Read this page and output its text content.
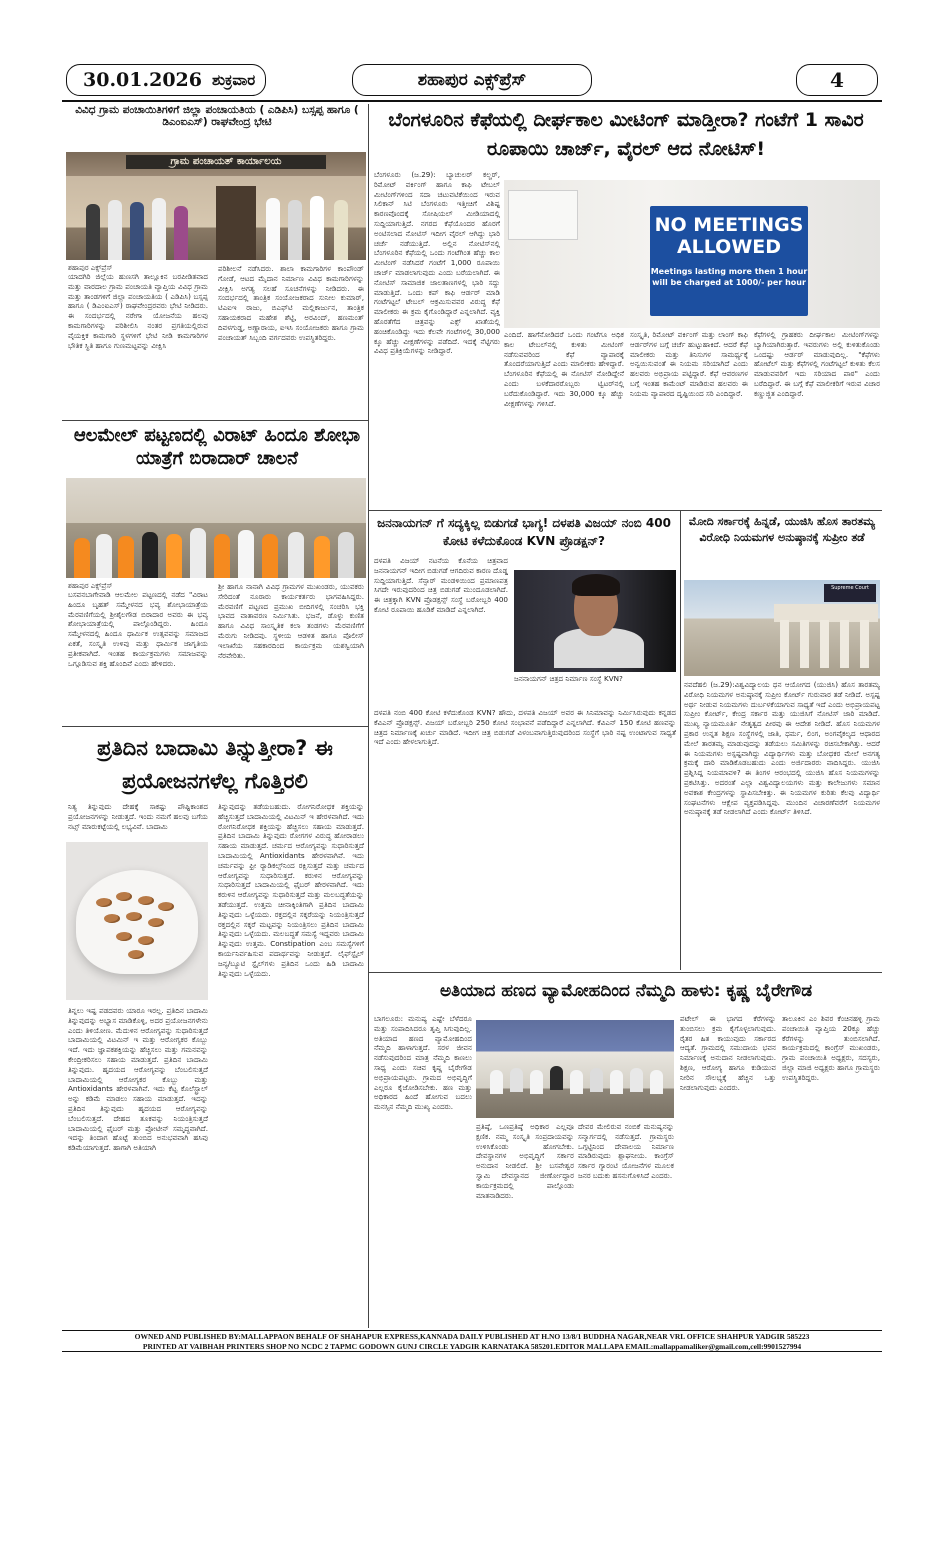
30.01.2026 ಶುಕ್ರವಾರ	ಶಹಾಪುರ ಎಕ್ಸ್‌ಪ್ರೆಸ್	4
ವಿವಿಧ ಗ್ರಾಮ ಪಂಚಾಯಿತಿಗಳಿಗೆ ಜಿಲ್ಲಾ ಪಂಚಾಯತಿಯ ( ಎಡಿಪಿಸಿ) ಬಸ್ಸಪ್ಪ ಹಾಗೂ ( ಡಿಎಂಐಎಸ್) ರಾಘವೇಂದ್ರ ಭೇಟಿ
ಗ್ರಾಮ ಪಂಚಾಯತ್ ಕಾರ್ಯಾಲಯ
ಶಹಾಪುರ ಎಕ್ಸ್‌ಪ್ರೆಸ್
ಯಾದಗಿರಿ ಜಿಲ್ಲೆಯ ಹುಣಸಗಿ ತಾಲ್ಲೂಕಿನ ಬರಪೀಡಿತವಾದ ಮತ್ತು ವಾರದಾಲ ಗ್ರಾಮ ಪಂಚಾಯತಿ ವ್ಯಾಪ್ತಿಯ ವಿವಿಧ ಗ್ರಾಮ ಮತ್ತು ತಾಂಡಗಳಿಗೆ ಜಿಲ್ಲಾ ಪಂಚಾಯತಿಯ ( ಎಡಿಪಿಸಿ) ಬಸ್ಸಪ್ಪ ಹಾಗೂ ( ಡಿಎಂಐಎಸ್) ರಾಘವೇಂದ್ರರವರು ಭೇಟಿ ನೀಡಿದರು. ಈ ಸಂದರ್ಭದಲ್ಲಿ ನರೇಗಾ ಯೋಜನೆಯ ಹಲವು ಕಾಮಗಾರಿಗಳನ್ನು ಪರಿಶೀಲಿಸಿ ನಂತರ ಪ್ರಗತಿಯಲ್ಲಿರುವ ವೈಯಕ್ತಿಕ ಕಾಮಗಾರಿ ಸ್ಥಳಗಳಿಗೆ ಭೇಟಿ ನೀಡಿ ಕಾಮಗಾರಿಗಳ ಭೌತಿಕ ಸ್ಥಿತಿ ಹಾಗೂ ಗುಣಮಟ್ಟವನ್ನು ವೀಕ್ಷಿಸಿ
ಪರಿಶೀಲನೆ ನಡೆಸಿದರು. ಶಾಲಾ ಕಾಮಗಾರಿಗಳ ಕಾಂಪೌಂಡ್ ಗೋಡೆ, ಆಟದ ಮೈದಾನ ನಿರ್ಮಾಣ ವಿವಿಧ ಕಾಮಗಾರಿಗಳನ್ನು ವೀಕ್ಷಿಸಿ ಅಗತ್ಯ ಸಲಹೆ ಸೂಚನೆಗಳನ್ನು ನೀಡಿದರು. ಈ ಸಂದರ್ಭದಲ್ಲಿ ತಾಂತ್ರಿಕ ಸಂಯೋಜಕರಾದ ಸುನೀಲ ಕುಮಾರ್, ಟಿಎಐಇ ರಾಜು, ಬಿಎಫ್‌ಟಿ ಮಲ್ಲಿಕಾರ್ಜುನ, ತಾಂತ್ರಿಕ ಸಹಾಯಕರಾದ ಮಹೇಶ ಶೆಟ್ಟಿ, ಅರವಿಂದ್, ಹಣಮಂತ್ ದಿವಳಗುಡ್ಡ, ಅಣ್ಣಾರಾಯ, ಐಇಸಿ ಸಂಯೋಜಕರು ಹಾಗೂ ಗ್ರಾಮ ಪಂಚಾಯತ್ ಸಿಬ್ಬಂದಿ ವರ್ಗದವರು ಉಪಸ್ಥಿತರಿದ್ದರು.
ಆಲಮೇಲ್ ಪಟ್ಟಣದಲ್ಲಿ ವಿರಾಟ್ ಹಿಂದೂ ಶೋಭಾ ಯಾತ್ರೆಗೆ ಬಿರಾದಾರ್ ಚಾಲನೆ
ಶಹಾಪುರ ಎಕ್ಸ್‌ಪ್ರೆಸ್
ಬಸವನಬಾಗೇವಾಡಿ ಆಲಮೇಲ ಪಟ್ಟಣದಲ್ಲಿ ನಡೆದ "ವಿರಾಟ ಹಿಂದೂ ಬೃಹತ್ ಸಮ್ಮೇಳನದ ಭವ್ಯ ಶೋಭಾಯಾತ್ರೆಯ ಮೆರವಣಿಗೆಯಲ್ಲಿ ಶ್ರೀಶೈಲಗೌಡ ಬಿರಾದಾರ ಅವರು ಈ ಭವ್ಯ ಶೋಭಾಯಾತ್ರೆಯಲ್ಲಿ ಪಾಲ್ಗೊಂಡಿದ್ದರು. ಹಿಂದೂ ಸಮ್ಮೇಳನದಲ್ಲಿ ಹಿಂದೂ ಧಾರ್ಮಿಕ ಉತ್ಸವವನ್ನು ಸಮಾಜದ ಏಕತೆ, ಸಂಸ್ಕೃತಿ ಉಳಿವು ಮತ್ತು ಧಾರ್ಮಿಕ ಜಾಗೃತಿಯ ಪ್ರತೀಕವಾಗಿದೆ. ಇಂತಹ ಕಾರ್ಯಕ್ರಮಗಳು ಸಮಾಜವನ್ನು ಒಗ್ಗೂಡಿಸುವ ಶಕ್ತಿ ಹೊಂದಿವೆ ಎಂದು ಹೇಳಿದರು.
ಶ್ರೀ ಹಾಗೂ ನಾನಾಗಿ ವಿವಿಧ ಗ್ರಾಮಗಳ ಮುಖಂಡರು, ಯುವಕರು ಸೇರಿದಂತೆ ನೂರಾರು ಕಾರ್ಯಕರ್ತರು ಭಾಗವಹಿಸಿದ್ದರು. ಮೆರವಣಿಗೆ ಪಟ್ಟಣದ ಪ್ರಮುಖ ಬೀದಿಗಳಲ್ಲಿ ಸಂಚರಿಸಿ ಭಕ್ತಿ ಭಾವದ ವಾತಾವರಣ ನಿರ್ಮಿಸಿತು. ಭಜನೆ, ಡೊಳ್ಳು ಕುಣಿತ ಹಾಗೂ ವಿವಿಧ ಸಾಂಸ್ಕೃತಿಕ ಕಲಾ ತಂಡಗಳು ಮೆರವಣಿಗೆಗೆ ಮೆರುಗು ನೀಡಿದವು. ಸ್ಥಳೀಯ ಆಡಳಿತ ಹಾಗೂ ಪೊಲೀಸ್ ಇಲಾಖೆಯ ಸಹಕಾರದಿಂದ ಕಾರ್ಯಕ್ರಮ ಯಶಸ್ವಿಯಾಗಿ ನೆರವೇರಿತು.
ಪ್ರತಿದಿನ ಬಾದಾಮಿ ತಿನ್ನುತ್ತೀರಾ? ಈ ಪ್ರಯೋಜನಗಳೆಲ್ಲ ಗೊತ್ತಿರಲಿ
ನಿತ್ಯ ತಿನ್ನುವುದು ದೇಹಕ್ಕೆ ಸಾಕಷ್ಟು ಪೌಷ್ಟಿಕಾಂಶದ ಪ್ರಯೋಜನಗಳನ್ನು ನೀಡುತ್ತದೆ. ಇಂದು ನಮಗೆ ಹಲವು ಬಗೆಯ ನಟ್ಸ್ ಮಾರುಕಟ್ಟೆಯಲ್ಲಿ ಲಭ್ಯವಿವೆ. ಬಾದಾಮಿ
ತಿನ್ನಲು ಇಷ್ಟ ಪಡದವರು ಯಾರೂ ಇರಲ್ಲ. ಪ್ರತಿದಿನ ಬಾದಾಮಿ ತಿನ್ನುವುದನ್ನು ಅಭ್ಯಾಸ ಮಾಡಿಕೊಳ್ಳಿ, ಅದರ ಪ್ರಯೋಜನಗಳೇನು ಎಂದು ತಿಳಿಯೋಣ. ಮೆದುಳಿನ ಆರೋಗ್ಯವನ್ನು ಸುಧಾರಿಸುತ್ತದೆ ಬಾದಾಮಿಯಲ್ಲಿ ವಿಟಮಿನ್ ಇ ಮತ್ತು ಆರೋಗ್ಯಕರ ಕೊಬ್ಬು ಇದೆ. ಇದು ಜ್ಞಾಪಕಶಕ್ತಿಯನ್ನು ಹೆಚ್ಚಿಸಲು ಮತ್ತು ಗಮನವನ್ನು ಕೇಂದ್ರೀಕರಿಸಲು ಸಹಾಯ ಮಾಡುತ್ತದೆ. ಪ್ರತಿದಿನ ಬಾದಾಮಿ ತಿನ್ನುವುದು. ಹೃದಯದ ಆರೋಗ್ಯವನ್ನು ಬೆಂಬಲಿಸುತ್ತದೆ ಬಾದಾಮಿಯಲ್ಲಿ ಆರೋಗ್ಯಕರ ಕೊಬ್ಬು ಮತ್ತು Antioxidants ಹೇರಳವಾಗಿವೆ. ಇದು ಕೆಟ್ಟ ಕೊಲೆಸ್ಟ್ರಾಲ್ ಅನ್ನು ಕಡಿಮೆ ಮಾಡಲು ಸಹಾಯ ಮಾಡುತ್ತದೆ. ಇದನ್ನು ಪ್ರತಿದಿನ ತಿನ್ನುವುದು ಹೃದಯದ ಆರೋಗ್ಯವನ್ನು ಬೆಂಬಲಿಸುತ್ತದೆ. ದೇಹದ ತೂಕವನ್ನು ನಿಯಂತ್ರಿಸುತ್ತದೆ ಬಾದಾಮಿಯಲ್ಲಿ ಫೈಬರ್ ಮತ್ತು ಪ್ರೋಟೀನ್ ಸಮೃದ್ಧವಾಗಿದೆ. ಇದನ್ನು ತಿಂದಾಗ ಹೊಟ್ಟೆ ತುಂಬಿದ ಅನುಭವವಾಗಿ ಹಸಿವು ಕಡಿಮೆಯಾಗುತ್ತದೆ. ಹಾಗಾಗಿ ಅತಿಯಾಗಿ
ತಿನ್ನುವುದನ್ನು ತಡೆಯಬಹುದು. ರೋಗನಿರೋಧಕ ಶಕ್ತಿಯನ್ನು ಹೆಚ್ಚಿಸುತ್ತದೆ ಬಾದಾಮಿಯಲ್ಲಿ ವಿಟಮಿನ್ ಇ ಹೇರಳವಾಗಿದೆ. ಇದು ರೋಗನಿರೋಧಕ ಶಕ್ತಿಯನ್ನು ಹೆಚ್ಚಿಸಲು ಸಹಾಯ ಮಾಡುತ್ತದೆ. ಪ್ರತಿದಿನ ಬಾದಾಮಿ ತಿನ್ನುವುದು ರೋಗಗಳ ವಿರುದ್ಧ ಹೋರಾಡಲು ಸಹಾಯ ಮಾಡುತ್ತದೆ. ಚರ್ಮದ ಆರೋಗ್ಯವನ್ನು ಸುಧಾರಿಸುತ್ತದೆ ಬಾದಾಮಿಯಲ್ಲಿ Antioxidants ಹೇರಳವಾಗಿವೆ. ಇದು ಚರ್ಮವನ್ನು ಫ್ರೀ ರ್‍ಯಾಡಿಕಲ್ಸ್‌ನಿಂದ ರಕ್ಷಿಸುತ್ತದೆ ಮತ್ತು ಚರ್ಮದ ಆರೋಗ್ಯವನ್ನು ಸುಧಾರಿಸುತ್ತದೆ. ಕರುಳಿನ ಆರೋಗ್ಯವನ್ನು ಸುಧಾರಿಸುತ್ತದೆ ಬಾದಾಮಿಯಲ್ಲಿ ಫೈಬರ್ ಹೇರಳವಾಗಿದೆ. ಇದು ಕರುಳಿನ ಆರೋಗ್ಯವನ್ನು ಸುಧಾರಿಸುತ್ತದೆ ಮತ್ತು ಮಲಬದ್ಧತೆಯನ್ನು ತಡೆಯುತ್ತದೆ. ಉತ್ತಮ ಚೀನಾಕ್ಕಿಂತಿಗಾಗಿ ಪ್ರತಿದಿನ ಬಾದಾಮಿ ತಿನ್ನುವುದು ಒಳ್ಳೆಯದು. ರಕ್ತದಲ್ಲಿನ ಸಕ್ಕರೆಯನ್ನು ನಿಯಂತ್ರಿಸುತ್ತದೆ ರಕ್ತದಲ್ಲಿನ ಸಕ್ಕರೆ ಮಟ್ಟವನ್ನು ನಿಯಂತ್ರಿಸಲು ಪ್ರತಿದಿನ ಬಾದಾಮಿ ತಿನ್ನುವುದು ಒಳ್ಳೆಯದು. ಮಲಬದ್ಧತೆ ಸಮಸ್ಯೆ ಇದ್ದವರು ಬಾದಾಮಿ ತಿನ್ನುವುದು ಉತ್ತಮ. Constipation ಎಂಬ ಸಮಸ್ಯೆಗಳಿಗೆ ಕಾರ್ಯನಿರ್ವಹಿಸುವ ಪದಾರ್ಥವನ್ನು ನೀಡುತ್ತದೆ. ಲೈಫ್‌ಸ್ಟೈಲ್ ಜನ್ಯ/ಬ್ಯೂಟಿ ಸ್ಟೈಲ್‌ಗಳು ಪ್ರತಿದಿನ ಒಂದು ಹಿಡಿ ಬಾದಾಮಿ ತಿನ್ನುವುದು ಒಳ್ಳೆಯದು.
ಬೆಂಗಳೂರಿನ ಕೆಫೆಯಲ್ಲಿ ದೀರ್ಘಕಾಲ ಮೀಟಿಂಗ್ ಮಾಡ್ತೀರಾ? ಗಂಟೆಗೆ 1 ಸಾವಿರ ರೂಪಾಯಿ ಚಾರ್ಜ್, ವೈರಲ್ ಆದ ನೋಟಿಸ್!
ಬೆಂಗಳೂರು (ಜ.29): ಬ್ಯಾಚುಲರ್ ಕಲ್ಚರ್, ರಿಮೋಟ್ ವರ್ಕಿಂಗ್ ಹಾಗೂ ಕಾಫಿ ಟೇಬಲ್ ಮೀಟಿಂಗ್‌ಗಳಿಂದ ಸದಾ ಚಟುವಟಿಕೆಯಿಂದ ಇರುವ ಸಿಲಿಕಾನ್ ಸಿಟಿ ಬೆಂಗಳೂರು ಇತ್ತೀಚಿಗೆ ವಿಶಿಷ್ಟ ಕಾರಣವೊಂದಕ್ಕೆ ಸೋಷಿಯಲ್ ಮೀಡಿಯಾದಲ್ಲಿ ಸುದ್ದಿಯಾಗುತ್ತಿದೆ. ನಗರದ ಕೆಫೆಯೊಂದರ ಹೊರಗೆ ಅಂಟಿಸಲಾದ ನೋಟಿಸ್ ಇದೀಗ ವೈರಲ್ ಆಗಿದ್ದು ಭಾರಿ ಚರ್ಚೆ ನಡೆಯುತ್ತಿದೆ. ಅಲ್ಲಿನ ನೋಟಿಸ್‌ನಲ್ಲಿ ಬೆಂಗಳೂರಿನ ಕೆಫೆಯಲ್ಲಿ ಒಂದು ಗಂಟೆಗಿಂತ ಹೆಚ್ಚು ಕಾಲ ಮೀಟಿಂಗ್ ನಡೆಸಿದರೆ ಗಂಟೆಗೆ 1,000 ರೂಪಾಯಿ ಚಾರ್ಜ್ ಮಾಡಲಾಗುವುದು ಎಂದು ಬರೆಯಲಾಗಿದೆ. ಈ ನೋಟಿಸ್ ಸಾಮಾಜಿಕ ಜಾಲತಾಣಗಳಲ್ಲಿ ಭಾರಿ ಸದ್ದು ಮಾಡುತ್ತಿದೆ. ಒಂದು ಕಪ್ ಕಾಫಿ ಆರ್ಡರ್ ಮಾಡಿ ಗಂಟೆಗಟ್ಟಲೆ ಟೇಬಲ್ ಆಕ್ರಮಿಸುವವರ ವಿರುದ್ಧ ಕೆಫೆ ಮಾಲೀಕರು ಈ ಕ್ರಮ ಕೈಗೊಂಡಿದ್ದಾರೆ ಎನ್ನಲಾಗಿದೆ. ವ್ಯಕ್ತಿ ಹೊರತೆಗೆದ ಚಿತ್ರವನ್ನು ಎಕ್ಸ್ ಖಾತೆಯಲ್ಲಿ ಹಂಚಿಕೊಂಡಿದ್ದು ಇದು ಕೆಲವೇ ಗಂಟೆಗಳಲ್ಲಿ 30,000 ಕ್ಕೂ ಹೆಚ್ಚು ವೀಕ್ಷಣೆಗಳನ್ನು ಪಡೆದಿದೆ. ಇದಕ್ಕೆ ನೆಟ್ಟಿಗರು ವಿವಿಧ ಪ್ರತಿಕ್ರಿಯೆಗಳನ್ನು ನೀಡಿದ್ದಾರೆ.
NO MEETINGS
ALLOWED
Meetings lasting more then 1 hour will be charged at 1000/- per hour
ಎಂದಿದೆ. ಹಾಗೆನೋಡಿದರೆ ಒಂದು ಗಂಟೆಗೂ ಅಧಿಕ ಕಾಲ ಟೇಬಲ್‌ನಲ್ಲಿ ಕುಳಿತು ಮೀಟಿಂಗ್ ನಡೆಸುವವರಿಂದ ಕೆಫೆ ವ್ಯಾಪಾರಕ್ಕೆ ತೊಂದರೆಯಾಗುತ್ತಿದೆ ಎಂದು ಮಾಲೀಕರು ಹೇಳಿದ್ದಾರೆ. ಬೆಂಗಳೂರಿನ ಕೆಫೆಯಲ್ಲಿ ಈ ನೋಟಿಸ್ ನೋಡಿದ್ದೇನೆ ಎಂದು ಬಳಕೆದಾರರೊಬ್ಬರು ಟ್ವಿಟರ್‌ನಲ್ಲಿ ಬರೆದುಕೊಂಡಿದ್ದಾರೆ. ಇದು 30,000 ಕ್ಕೂ ಹೆಚ್ಚು ವೀಕ್ಷಣೆಗಳನ್ನು ಗಳಿಸಿದೆ.
ಸಂಸ್ಕೃತಿ, ರಿಮೋಟ್ ವರ್ಕಿಂಗ್ ಮತ್ತು ಲಾಂಗ್ ಕಾಫಿ ಆರ್ಡರ್‌ಗಳ ಬಗ್ಗೆ ಚರ್ಚೆ ಹುಟ್ಟುಹಾಕಿದೆ. ಆದರೆ ಕೆಫೆ ಮಾಲೀಕರು ಮತ್ತು ತಿನಿಸುಗಳ ಸಾಮರ್ಥ್ಯಕ್ಕೆ ಅನ್ವಯಿಸುವಂತೆ ಈ ನಿಯಮ ಸರಿಯಾಗಿದೆ ಎಂದು ಹಲವರು ಅಭಿಪ್ರಾಯ ಪಟ್ಟಿದ್ದಾರೆ. ಕೆಫೆ ಆವರಣಗಳ ಬಗ್ಗೆ ಇಂತಹ ಕಾಮೆಂಟ್ ಮಾಡಿರುವ ಹಲವರು ಈ ನಿಯಮ ವ್ಯಾಪಾರದ ದೃಷ್ಟಿಯಿಂದ ಸರಿ ಎಂದಿದ್ದಾರೆ.
ಕೆಫೆಗಳಲ್ಲಿ ಗ್ರಾಹಕರು ದೀರ್ಘಕಾಲ ಮೀಟಿಂಗ್‌ಗಳನ್ನು ಬ್ಯಾಗಿಯಾಗಿರುತ್ತಾರೆ. ಇವರುಗಳು ಅಲ್ಲಿ ಕುಳಿತುಕೊಂಡು ಒಂದಷ್ಟು ಆರ್ಡರ್ ಮಾಡುವುದಿಲ್ಲ. "ಕೆಫೆಗಳು ಹೋಟೆಲ್ ಮತ್ತು ಕೆಫೆಗಳಲ್ಲಿ ಗಂಟೆಗಟ್ಟಲೆ ಕುಳಿತು ಕೆಲಸ ಮಾಡುವವರಿಗೆ ಇದು ಸರಿಯಾದ ಪಾಠ" ಎಂದು ಬರೆದಿದ್ದಾರೆ. ಈ ಬಗ್ಗೆ ಕೆಫೆ ಮಾಲೀಕರಿಗೆ ಇರುವ ವಿಚಾರ ಕಣ್ಣುಜ್ಜಿತ ಎಂದಿದ್ದಾರೆ.
ಜನನಾಯಗನ್ ಗೆ ಸದ್ಯಕ್ಕಿಲ್ಲ ಬಿಡುಗಡೆ ಭಾಗ್ಯ! ದಳಪತಿ ವಿಜಯ್ ನಂಬಿ 400 ಕೋಟಿ ಕಳೆದುಕೊಂಡ KVN ಪ್ರೊಡಕ್ಷನ್?
ದಳಪತಿ ವಿಜಯ್ ನಟನೆಯ ಕೊನೆಯ ಚಿತ್ರವಾದ ಜನನಾಯಗನ್ ಇದೀಗ ಬಿಡುಗಡೆ ಆಗದಿರುವ ಕಾರಣ ದೊಡ್ಡ ಸುದ್ದಿಯಾಗುತ್ತಿದೆ. ಸೆನ್ಸಾರ್ ಮಂಡಳಿಯಿಂದ ಪ್ರಮಾಣಪತ್ರ ಸಿಗದೇ ಇರುವುದರಿಂದ ಚಿತ್ರ ಬಿಡುಗಡೆ ಮುಂದೂಡಲಾಗಿದೆ. ಈ ಚಿತ್ರಕ್ಕಾಗಿ KVN ಪ್ರೊಡಕ್ಷನ್ಸ್ ಸಂಸ್ಥೆ ಬರೋಬ್ಬರಿ 400 ಕೋಟಿ ರೂಪಾಯಿ ಹೂಡಿಕೆ ಮಾಡಿದೆ ಎನ್ನಲಾಗಿದೆ.
ಜನನಾಯಗನ್ ಚಿತ್ರದ ನಿರ್ಮಾಣ ಸಂಸ್ಥೆ KVN?
ದಳಪತಿ ನಂಬಿ 400 ಕೋಟಿ ಕಳೆದುಕೊಂಡ KVN? ಹೌದು, ದಳಪತಿ ವಿಜಯ್ ಅವರ ಈ ಸಿನಿಮಾವನ್ನು ನಿರ್ಮಿಸಿರುವುದು ಕನ್ನಡದ ಕೆವಿಎನ್ ಪ್ರೊಡಕ್ಷನ್ಸ್. ವಿಜಯ್ ಬರೋಬ್ಬರಿ 250 ಕೋಟಿ ಸಂಭಾವನೆ ಪಡೆದಿದ್ದಾರೆ ಎನ್ನಲಾಗಿದೆ. ಕೆವಿಎನ್ 150 ಕೋಟಿ ಹಣವನ್ನು ಚಿತ್ರದ ನಿರ್ಮಾಣಕ್ಕೆ ಖರ್ಚು ಮಾಡಿದೆ. ಇದೀಗ ಚಿತ್ರ ಬಿಡುಗಡೆ ವಿಳಂಬವಾಗುತ್ತಿರುವುದರಿಂದ ಸಂಸ್ಥೆಗೆ ಭಾರಿ ನಷ್ಟ ಉಂಟಾಗುವ ಸಾಧ್ಯತೆ ಇದೆ ಎಂದು ಹೇಳಲಾಗುತ್ತಿದೆ.
ಮೋದಿ ಸರ್ಕಾರಕ್ಕೆ ಹಿನ್ನಡೆ, ಯುಜಿಸಿ ಹೊಸ ತಾರತಮ್ಯ ವಿರೋಧಿ ನಿಯಮಗಳ ಅನುಷ್ಠಾನಕ್ಕೆ ಸುಪ್ರೀಂ ತಡೆ
Supreme Court
ನವದೆಹಲಿ (ಜ.29):ವಿಶ್ವವಿದ್ಯಾಲಯ ಧನ ಆಯೋಗದ (ಯುಜಿಸಿ) ಹೊಸ ತಾರತಮ್ಯ ವಿರೋಧಿ ನಿಯಮಗಳ ಅನುಷ್ಠಾನಕ್ಕೆ ಸುಪ್ರೀಂ ಕೋರ್ಟ್ ಗುರುವಾರ ತಡೆ ನೀಡಿದೆ. ಅಸ್ಪಷ್ಟ ಅರ್ಥ ನೀಡುವ ನಿಯಮಗಳು ದುರ್ಬಳಕೆಯಾಗುವ ಸಾಧ್ಯತೆ ಇದೆ ಎಂದು ಅಭಿಪ್ರಾಯಪಟ್ಟ ಸುಪ್ರೀಂ ಕೋರ್ಟ್, ಕೇಂದ್ರ ಸರ್ಕಾರ ಮತ್ತು ಯುಜಿಸಿಗೆ ನೋಟಿಸ್ ಜಾರಿ ಮಾಡಿದೆ. ಮುಖ್ಯ ನ್ಯಾಯಮೂರ್ತಿ ನೇತೃತ್ವದ ಪೀಠವು ಈ ಆದೇಶ ನೀಡಿದೆ. ಹೊಸ ನಿಯಮಗಳ ಪ್ರಕಾರ ಉನ್ನತ ಶಿಕ್ಷಣ ಸಂಸ್ಥೆಗಳಲ್ಲಿ ಜಾತಿ, ಧರ್ಮ, ಲಿಂಗ, ಅಂಗವೈಕಲ್ಯದ ಆಧಾರದ ಮೇಲೆ ತಾರತಮ್ಯ ಮಾಡುವುದನ್ನು ತಡೆಯಲು ಸಮಿತಿಗಳನ್ನು ರಚಿಸಬೇಕಾಗಿತ್ತು. ಆದರೆ ಈ ನಿಯಮಗಳು ಅಸ್ಪಷ್ಟವಾಗಿದ್ದು ವಿದ್ಯಾರ್ಥಿಗಳು ಮತ್ತು ಬೋಧಕರ ಮೇಲೆ ಅನಗತ್ಯ ಕ್ರಮಕ್ಕೆ ದಾರಿ ಮಾಡಿಕೊಡಬಹುದು ಎಂದು ಅರ್ಜಿದಾರರು ವಾದಿಸಿದ್ದರು. ಯುಜಿಸಿ ಪ್ರಶ್ನಿಸಿದ್ದ ನಿಯಮಾವಳಿ? ಈ ತಿಂಗಳ ಆರಂಭದಲ್ಲಿ ಯುಜಿಸಿ ಹೊಸ ನಿಯಮಗಳನ್ನು ಪ್ರಕಟಿಸಿತ್ತು. ಅದರಂತೆ ಎಲ್ಲಾ ವಿಶ್ವವಿದ್ಯಾಲಯಗಳು ಮತ್ತು ಕಾಲೇಜುಗಳು ಸಮಾನ ಅವಕಾಶ ಕೇಂದ್ರಗಳನ್ನು ಸ್ಥಾಪಿಸಬೇಕಿತ್ತು. ಈ ನಿಯಮಗಳ ಕುರಿತು ಕೆಲವು ವಿದ್ಯಾರ್ಥಿ ಸಂಘಟನೆಗಳು ಆಕ್ಷೇಪ ವ್ಯಕ್ತಪಡಿಸಿದ್ದವು. ಮುಂದಿನ ವಿಚಾರಣೆವರೆಗೆ ನಿಯಮಗಳ ಅನುಷ್ಠಾನಕ್ಕೆ ತಡೆ ನೀಡಲಾಗಿದೆ ಎಂದು ಕೋರ್ಟ್ ತಿಳಿಸಿದೆ.
ಅತಿಯಾದ ಹಣದ ವ್ಯಾಮೋಹದಿಂದ ನೆಮ್ಮದಿ ಹಾಳು: ಕೃಷ್ಣ ಬೈರೇಗೌಡ
ಬಾಗಲೂರು: ಮನುಷ್ಯ ಎಷ್ಟೇ ಬೆಳೆದರೂ ಮತ್ತು ಸಂಪಾದಿಸಿದರೂ ತೃಪ್ತಿ ಸಿಗುವುದಿಲ್ಲ. ಅತಿಯಾದ ಹಣದ ವ್ಯಾಮೋಹದಿಂದ ನೆಮ್ಮದಿ ಹಾಳಾಗುತ್ತದೆ. ಸರಳ ಜೀವನ ನಡೆಸುವುದರಿಂದ ಮಾತ್ರ ನೆಮ್ಮದಿ ಕಾಣಲು ಸಾಧ್ಯ ಎಂದು ಸಚಿವ ಕೃಷ್ಣ ಬೈರೇಗೌಡ ಅಭಿಪ್ರಾಯಪಟ್ಟರು. ಗ್ರಾಮದ ಅಭಿವೃದ್ಧಿಗೆ ಎಲ್ಲರೂ ಕೈಜೋಡಿಸಬೇಕು. ಹಣ ಮತ್ತು ಅಧಿಕಾರದ ಹಿಂದೆ ಹೋಗುವ ಬದಲು ಮನಸ್ಸಿನ ನೆಮ್ಮದಿ ಮುಖ್ಯ ಎಂದರು.
ಪ್ರತಿಷ್ಠೆ, ಒಣಪ್ರತಿಷ್ಠೆ ಅಧಿಕಾರ ಎಲ್ಲವೂ ಕ್ಷಣಿಕ. ನಮ್ಮ ಸಂಸ್ಕೃತಿ ಸಂಪ್ರದಾಯವನ್ನು ಉಳಿಸಿಕೊಂಡು ಹೋಗಬೇಕು. ದೇವಸ್ಥಾನಗಳ ಅಭಿವೃದ್ಧಿಗೆ ಸರ್ಕಾರ ಅನುದಾನ ನೀಡಲಿದೆ. ಶ್ರೀ ಬಸವೇಶ್ವರ ಸ್ವಾಮಿ ದೇವಸ್ಥಾನದ ಜೀರ್ಣೋದ್ಧಾರ ಕಾರ್ಯಕ್ರಮದಲ್ಲಿ ಪಾಲ್ಗೊಂಡು ಮಾತನಾಡಿದರು.
ದೇವರ ಮೇಲಿರುವ ನಂಬಿಕೆ ಮನುಷ್ಯನನ್ನು ಸನ್ಮಾರ್ಗದಲ್ಲಿ ನಡೆಸುತ್ತದೆ. ಗ್ರಾಮಸ್ಥರು ಒಗ್ಗಟ್ಟಿನಿಂದ ದೇವಾಲಯ ನಿರ್ಮಾಣ ಮಾಡಿರುವುದು ಶ್ಲಾಘನೀಯ. ಕಾಂಗ್ರೆಸ್ ಸರ್ಕಾರ ಗ್ಯಾರಂಟಿ ಯೋಜನೆಗಳ ಮೂಲಕ ಜನರ ಬದುಕು ಹಸನುಗೊಳಿಸಿದೆ ಎಂದರು.
ಪಟೇಲ್ ಈ ಭಾಗದ ಕೆರೆಗಳನ್ನು ತುಂಬಿಸಲು ಕ್ರಮ ಕೈಗೊಳ್ಳಲಾಗುವುದು. ರೈತರ ಹಿತ ಕಾಯುವುದು ಸರ್ಕಾರದ ಆದ್ಯತೆ. ಗ್ರಾಮದಲ್ಲಿ ಸಮುದಾಯ ಭವನ ನಿರ್ಮಾಣಕ್ಕೆ ಅನುದಾನ ನೀಡಲಾಗುವುದು. ಶಿಕ್ಷಣ, ಆರೋಗ್ಯ ಹಾಗೂ ಕುಡಿಯುವ ನೀರಿನ ಸೌಲಭ್ಯಕ್ಕೆ ಹೆಚ್ಚಿನ ಒತ್ತು ನೀಡಲಾಗುವುದು ಎಂದರು.
ತಾಲೂಕಿನ ಎಂ ಶಿವರ ಕೆಂಚಿನಹಳ್ಳಿ ಗ್ರಾಮ ಪಂಚಾಯಿತಿ ವ್ಯಾಪ್ತಿಯ 20ಕ್ಕೂ ಹೆಚ್ಚು ಕೆರೆಗಳನ್ನು ತುಂಬಿಸಲಾಗಿದೆ. ಕಾರ್ಯಕ್ರಮದಲ್ಲಿ ಕಾಂಗ್ರೆಸ್ ಮುಖಂಡರು, ಗ್ರಾಮ ಪಂಚಾಯಿತಿ ಅಧ್ಯಕ್ಷರು, ಸದಸ್ಯರು, ಜಿಲ್ಲಾ ಮಾಜಿ ಅಧ್ಯಕ್ಷರು ಹಾಗೂ ಗ್ರಾಮಸ್ಥರು ಉಪಸ್ಥಿತರಿದ್ದರು.
OWNED AND PUBLISHED BY:MALLAPPAON BEHALF OF SHAHAPUR EXPRESS,KANNADA DAILY PUBLISHED AT H.NO 13/8/1 BUDDHA NAGAR,NEAR VRL OFFICE SHAHPUR YADGIR 585223
PRINTED AT VAIBHAH PRINTERS SHOP NO NCDC 2 TAPMC GODOWN GUNJ CIRCLE YADGIR KARNATAKA 585201.EDITOR MALLAPA EMAIL:mallappamaliker@gmail.com,cell:9901527994
